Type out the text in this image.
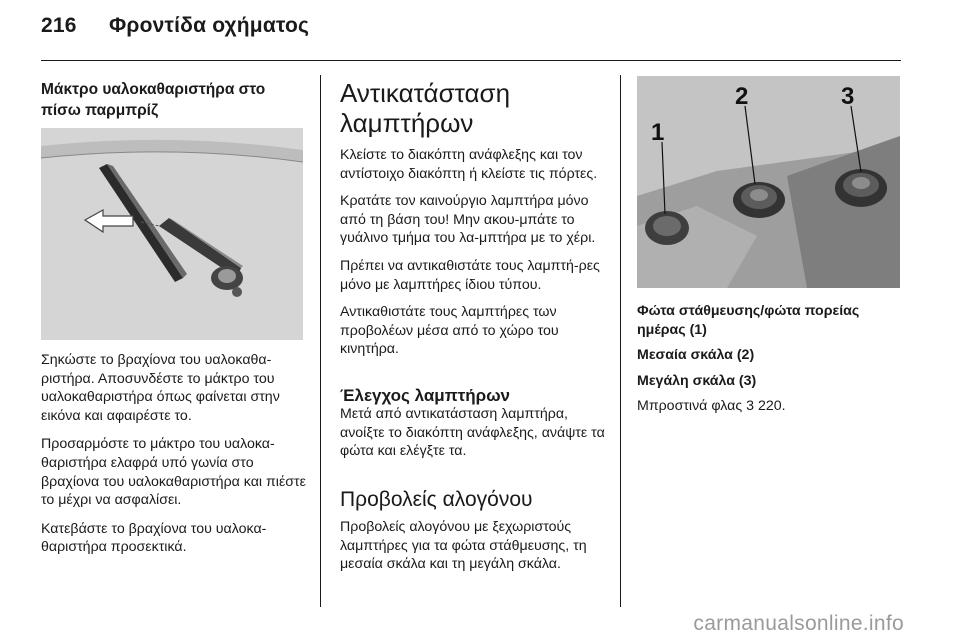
216 Φροντίδα οχήματος
Μάκτρο υαλοκαθαριστήρα στο πίσω παρμπρίζ

Σηκώστε το βραχίονα του υαλοκαθα-ριστήρα. Αποσυνδέστε το μάκτρο του υαλοκαθαριστήρα όπως φαίνεται στην εικόνα και αφαιρέστε το.

Προσαρμόστε το μάκτρο του υαλοκα-θαριστήρα ελαφρά υπό γωνία στο βραχίονα του υαλοκαθαριστήρα και πιέστε το μέχρι να ασφαλίσει.

Κατεβάστε το βραχίονα του υαλοκα-θαριστήρα προσεκτικά.

Αντικατάσταση λαμπτήρων

Κλείστε το διακόπτη ανάφλεξης και τον αντίστοιχο διακόπτη ή κλείστε τις πόρτες.

Κρατάτε τον καινούργιο λαμπτήρα μόνο από τη βάση του! Μην ακου-μπάτε το γυάλινο τμήμα του λα-μπτήρα με το χέρι.

Πρέπει να αντικαθιστάτε τους λαμπτή-ρες μόνο με λαμπτήρες ίδιου τύπου.

Αντικαθιστάτε τους λαμπτήρες των προβολέων μέσα από το χώρο του κινητήρα.

Έλεγχος λαμπτήρων

Μετά από αντικατάσταση λαμπτήρα, ανοίξτε το διακόπτη ανάφλεξης, ανάψτε τα φώτα και ελέγξτε τα.

Προβολείς αλογόνου

Προβολείς αλογόνου με ξεχωριστούς λαμπτήρες για τα φώτα στάθμευσης, τη μεσαία σκάλα και τη μεγάλη σκάλα.

1
2	3

Φώτα στάθμευσης/φώτα πορείας ημέρας (1)

Μεσαία σκάλα (2)

Μεγάλη σκάλα (3)

Μπροστινά φλας 3 220.

carmanualsonline.info
